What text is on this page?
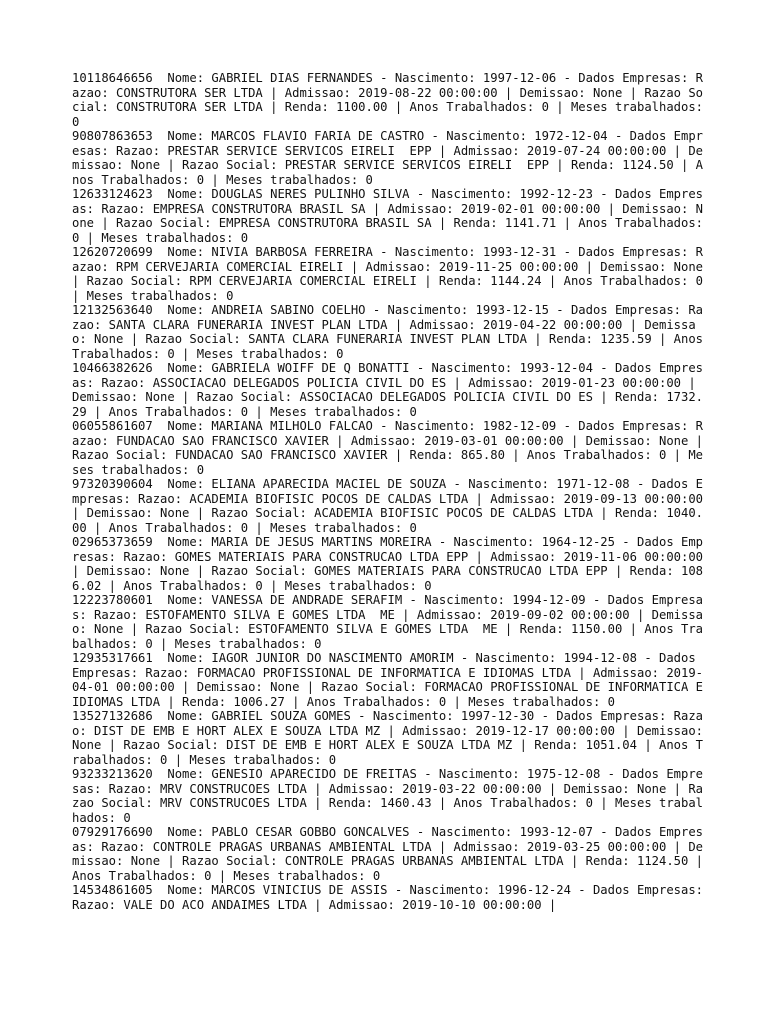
10118646656  Nome: GABRIEL DIAS FERNANDES - Nascimento: 1997-12-06 - Dados Empresas: Razao: CONSTRUTORA SER LTDA | Admissao: 2019-08-22 00:00:00 | Demissao: None | Razao Social: CONSTRUTORA SER LTDA | Renda: 1100.00 | Anos Trabalhados: 0 | Meses trabalhados: 0

90807863653  Nome: MARCOS FLAVIO FARIA DE CASTRO - Nascimento: 1972-12-04 - Dados Empresas: Razao: PRESTAR SERVICE SERVICOS EIRELI  EPP | Admissao: 2019-07-24 00:00:00 | Demissao: None | Razao Social: PRESTAR SERVICE SERVICOS EIRELI  EPP | Renda: 1124.50 | Anos Trabalhados: 0 | Meses trabalhados: 0

12633124623  Nome: DOUGLAS NERES PULINHO SILVA - Nascimento: 1992-12-23 - Dados Empresas: Razao: EMPRESA CONSTRUTORA BRASIL SA | Admissao: 2019-02-01 00:00:00 | Demissao: None | Razao Social: EMPRESA CONSTRUTORA BRASIL SA | Renda: 1141.71 | Anos Trabalhados: 0 | Meses trabalhados: 0

12620720699  Nome: NIVIA BARBOSA FERREIRA - Nascimento: 1993-12-31 - Dados Empresas: Razao: RPM CERVEJARIA COMERCIAL EIRELI | Admissao: 2019-11-25 00:00:00 | Demissao: None | Razao Social: RPM CERVEJARIA COMERCIAL EIRELI | Renda: 1144.24 | Anos Trabalhados: 0 | Meses trabalhados: 0

12132563640  Nome: ANDREIA SABINO COELHO - Nascimento: 1993-12-15 - Dados Empresas: Razao: SANTA CLARA FUNERARIA INVEST PLAN LTDA | Admissao: 2019-04-22 00:00:00 | Demissao: None | Razao Social: SANTA CLARA FUNERARIA INVEST PLAN LTDA | Renda: 1235.59 | Anos Trabalhados: 0 | Meses trabalhados: 0

10466382626  Nome: GABRIELA WOIFF DE Q BONATTI - Nascimento: 1993-12-04 - Dados Empresas: Razao: ASSOCIACAO DELEGADOS POLICIA CIVIL DO ES | Admissao: 2019-01-23 00:00:00 | Demissao: None | Razao Social: ASSOCIACAO DELEGADOS POLICIA CIVIL DO ES | Renda: 1732.29 | Anos Trabalhados: 0 | Meses trabalhados: 0

06055861607  Nome: MARIANA MILHOLO FALCAO - Nascimento: 1982-12-09 - Dados Empresas: Razao: FUNDACAO SAO FRANCISCO XAVIER | Admissao: 2019-03-01 00:00:00 | Demissao: None | Razao Social: FUNDACAO SAO FRANCISCO XAVIER | Renda: 865.80 | Anos Trabalhados: 0 | Meses trabalhados: 0

97320390604  Nome: ELIANA APARECIDA MACIEL DE SOUZA - Nascimento: 1971-12-08 - Dados Empresas: Razao: ACADEMIA BIOFISIC POCOS DE CALDAS LTDA | Admissao: 2019-09-13 00:00:00 | Demissao: None | Razao Social: ACADEMIA BIOFISIC POCOS DE CALDAS LTDA | Renda: 1040.00 | Anos Trabalhados: 0 | Meses trabalhados: 0

02965373659  Nome: MARIA DE JESUS MARTINS MOREIRA - Nascimento: 1964-12-25 - Dados Empresas: Razao: GOMES MATERIAIS PARA CONSTRUCAO LTDA EPP | Admissao: 2019-11-06 00:00:00 | Demissao: None | Razao Social: GOMES MATERIAIS PARA CONSTRUCAO LTDA EPP | Renda: 1086.02 | Anos Trabalhados: 0 | Meses trabalhados: 0

12223780601  Nome: VANESSA DE ANDRADE SERAFIM - Nascimento: 1994-12-09 - Dados Empresas: Razao: ESTOFAMENTO SILVA E GOMES LTDA  ME | Admissao: 2019-09-02 00:00:00 | Demissao: None | Razao Social: ESTOFAMENTO SILVA E GOMES LTDA  ME | Renda: 1150.00 | Anos Trabalhados: 0 | Meses trabalhados: 0

12935317661  Nome: IAGOR JUNIOR DO NASCIMENTO AMORIM - Nascimento: 1994-12-08 - Dados Empresas: Razao: FORMACAO PROFISSIONAL DE INFORMATICA E IDIOMAS LTDA | Admissao: 2019-04-01 00:00:00 | Demissao: None | Razao Social: FORMACAO PROFISSIONAL DE INFORMATICA E IDIOMAS LTDA | Renda: 1006.27 | Anos Trabalhados: 0 | Meses trabalhados: 0

13527132686  Nome: GABRIEL SOUZA GOMES - Nascimento: 1997-12-30 - Dados Empresas: Razao: DIST DE EMB E HORT ALEX E SOUZA LTDA MZ | Admissao: 2019-12-17 00:00:00 | Demissao: None | Razao Social: DIST DE EMB E HORT ALEX E SOUZA LTDA MZ | Renda: 1051.04 | Anos Trabalhados: 0 | Meses trabalhados: 0

93233213620  Nome: GENESIO APARECIDO DE FREITAS - Nascimento: 1975-12-08 - Dados Empresas: Razao: MRV CONSTRUCOES LTDA | Admissao: 2019-03-22 00:00:00 | Demissao: None | Razao Social: MRV CONSTRUCOES LTDA | Renda: 1460.43 | Anos Trabalhados: 0 | Meses trabalhados: 0

07929176690  Nome: PABLO CESAR GOBBO GONCALVES - Nascimento: 1993-12-07 - Dados Empresas: Razao: CONTROLE PRAGAS URBANAS AMBIENTAL LTDA | Admissao: 2019-03-25 00:00:00 | Demissao: None | Razao Social: CONTROLE PRAGAS URBANAS AMBIENTAL LTDA | Renda: 1124.50 | Anos Trabalhados: 0 | Meses trabalhados: 0

14534861605  Nome: MARCOS VINICIUS DE ASSIS - Nascimento: 1996-12-24 - Dados Empresas: Razao: VALE DO ACO ANDAIMES LTDA | Admissao: 2019-10-10 00:00:00 |
